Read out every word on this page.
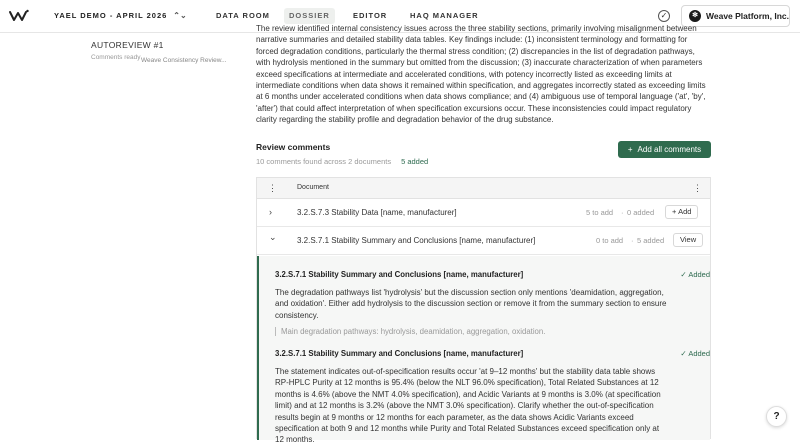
YAEL DEMO - APRIL 2026 ⌃⌄	DATA ROOM	DOSSIER	EDITOR	HAQ MANAGER	✓	✻ Weave Platform, Inc.
AUTOREVIEW #1
Comments ready Weave Consistency Review...

The review identified internal consistency issues across the three stability sections, primarily involving misalignment between narrative summaries and detailed stability data tables. Key findings include: (1) inconsistent terminology and formatting for forced degradation conditions, particularly the thermal stress condition; (2) discrepancies in the list of degradation pathways, with hydrolysis mentioned in the summary but omitted from the discussion; (3) inaccurate characterization of when parameters exceed specifications at intermediate and accelerated conditions, with potency incorrectly listed as exceeding limits at intermediate conditions when data shows it remained within specification, and aggregates incorrectly stated as exceeding limits at 6 months under accelerated conditions when data shows compliance; and (4) ambiguous use of temporal language ('at', 'by', 'after') that could affect interpretation of when specification excursions occur. These inconsistencies could impact regulatory clarity regarding the stability profile and degradation behavior of the drug substance.

Review comments
10 comments found across 2 documents 5 added
+ Add all comments
⋮	Document	⋮
›	3.2.S.7.3 Stability Data [name, manufacturer]	5 to add · 0 added	+ Add
⌄	3.2.S.7.1 Stability Summary and Conclusions [name, manufacturer]	0 to add · 5 added	View
3.2.S.7.1 Stability Summary and Conclusions [name, manufacturer]	✓ Added
The degradation pathways list 'hydrolysis' but the discussion section only mentions 'deamidation, aggregation, and oxidation'. Either add hydrolysis to the discussion section or remove it from the summary section to ensure consistency.
Main degradation pathways: hydrolysis, deamidation, aggregation, oxidation.
3.2.S.7.1 Stability Summary and Conclusions [name, manufacturer]	✓ Added
The statement indicates out-of-specification results occur 'at 9–12 months' but the stability data table shows RP-HPLC Purity at 12 months is 95.4% (below the NLT 96.0% specification), Total Related Substances at 12 months is 4.6% (above the NMT 4.0% specification), and Acidic Variants at 9 months is 3.0% (at specification limit) and at 12 months is 3.2% (above the NMT 3.0% specification). Clarify whether the out-of-specification results begin at 9 months or 12 months for each parameter, as the data shows Acidic Variants exceed specification at both 9 and 12 months while Purity and Total Related Substances exceed specification only at 12 months.
?
